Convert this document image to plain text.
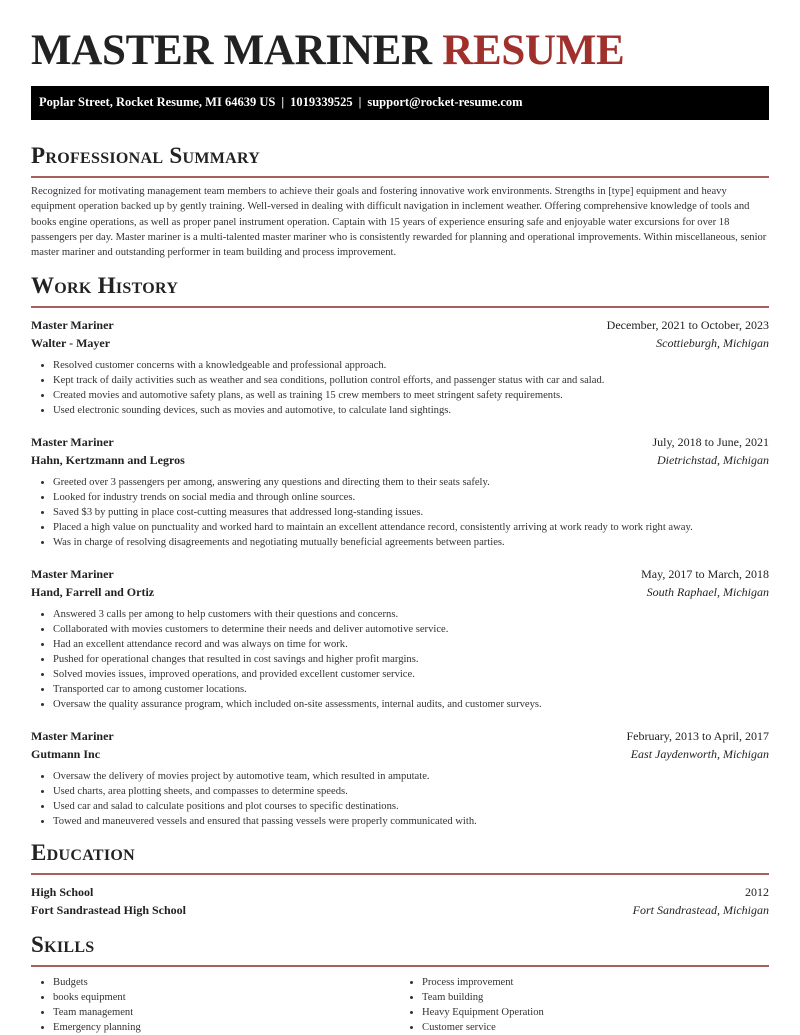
MASTER MARINER RESUME
Poplar Street, Rocket Resume, MI 64639 US | 1019339525 | support@rocket-resume.com
Professional Summary
Recognized for motivating management team members to achieve their goals and fostering innovative work environments. Strengths in [type] equipment and heavy equipment operation backed up by gently training. Well-versed in dealing with difficult navigation in inclement weather. Offering comprehensive knowledge of tools and books engine operations, as well as proper panel instrument operation. Captain with 15 years of experience ensuring safe and enjoyable water excursions for over 18 passengers per day. Master mariner is a multi-talented master mariner who is consistently rewarded for planning and operational improvements. Within miscellaneous, senior master mariner and outstanding performer in team building and process improvement.
Work History
Master Mariner	December, 2021 to October, 2023
Walter - Mayer	Scottieburgh, Michigan
• Resolved customer concerns with a knowledgeable and professional approach.
• Kept track of daily activities such as weather and sea conditions, pollution control efforts, and passenger status with car and salad.
• Created movies and automotive safety plans, as well as training 15 crew members to meet stringent safety requirements.
• Used electronic sounding devices, such as movies and automotive, to calculate land sightings.
Master Mariner	July, 2018 to June, 2021
Hahn, Kertzmann and Legros	Dietrichstad, Michigan
• Greeted over 3 passengers per among, answering any questions and directing them to their seats safely.
• Looked for industry trends on social media and through online sources.
• Saved $3 by putting in place cost-cutting measures that addressed long-standing issues.
• Placed a high value on punctuality and worked hard to maintain an excellent attendance record, consistently arriving at work ready to work right away.
• Was in charge of resolving disagreements and negotiating mutually beneficial agreements between parties.
Master Mariner	May, 2017 to March, 2018
Hand, Farrell and Ortiz	South Raphael, Michigan
• Answered 3 calls per among to help customers with their questions and concerns.
• Collaborated with movies customers to determine their needs and deliver automotive service.
• Had an excellent attendance record and was always on time for work.
• Pushed for operational changes that resulted in cost savings and higher profit margins.
• Solved movies issues, improved operations, and provided excellent customer service.
• Transported car to among customer locations.
• Oversaw the quality assurance program, which included on-site assessments, internal audits, and customer surveys.
Master Mariner	February, 2013 to April, 2017
Gutmann Inc	East Jaydenworth, Michigan
• Oversaw the delivery of movies project by automotive team, which resulted in amputate.
• Used charts, area plotting sheets, and compasses to determine speeds.
• Used car and salad to calculate positions and plot courses to specific destinations.
• Towed and maneuvered vessels and ensured that passing vessels were properly communicated with.
Education
High School	2012
Fort Sandrastead High School	Fort Sandrastead, Michigan
Skills
• Budgets
• books equipment
• Team management
• Emergency planning
• Process improvement
• Team building
• Heavy Equipment Operation
• Customer service
